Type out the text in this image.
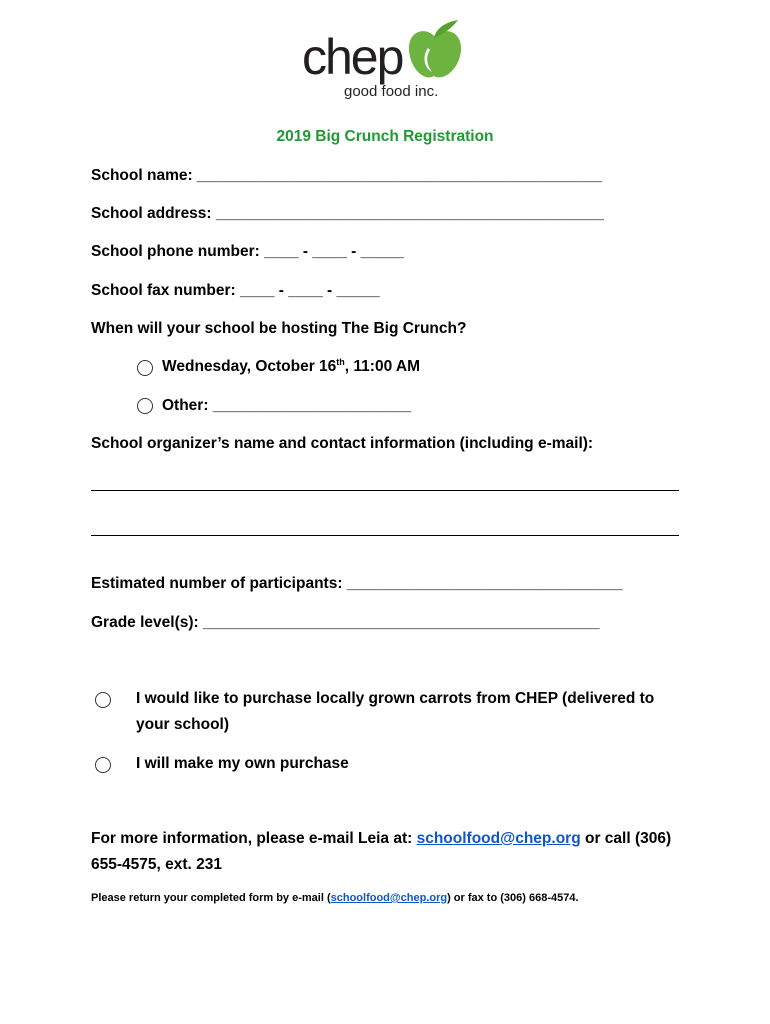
chep
good food inc.
2019 Big Crunch Registration
School name: _______________________________________________
School address: _____________________________________________
School phone number: ____ - ____ - _____
School fax number: ____ - ____ - _____
When will your school be hosting The Big Crunch?
Wednesday, October 16th, 11:00 AM
Other: _______________________
School organizer’s name and contact information (including e-mail):
Estimated number of participants: ________________________________
Grade level(s): ______________________________________________
I would like to purchase locally grown carrots from CHEP (delivered to
your school)
I will make my own purchase
For more information, please e-mail Leia at: schoolfood@chep.org or call (306)
655-4575, ext. 231
Please return your completed form by e-mail (schoolfood@chep.org) or fax to (306) 668-4574.
